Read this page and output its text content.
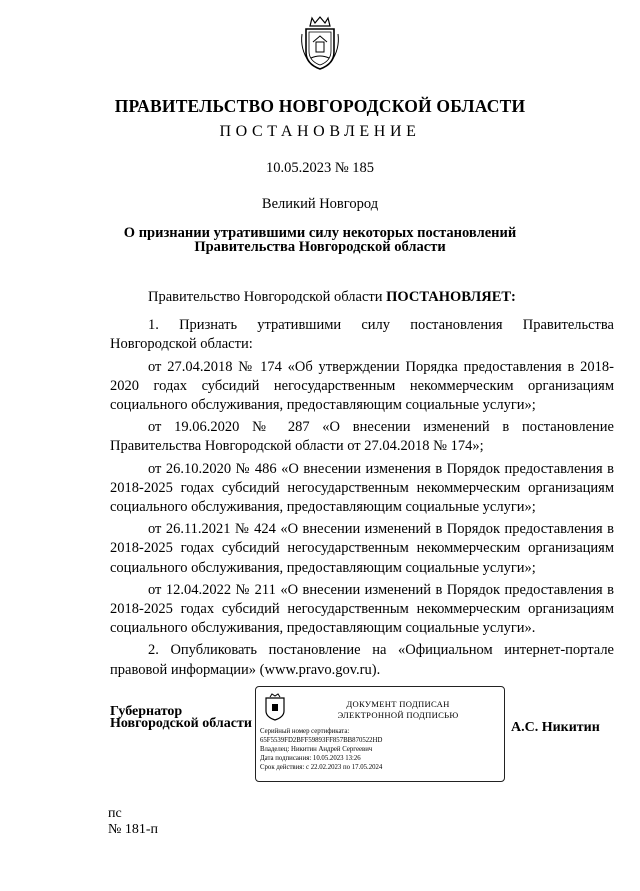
ПРАВИТЕЛЬСТВО НОВГОРОДСКОЙ ОБЛАСТИ
ПОСТАНОВЛЕНИЕ
10.05.2023 № 185
Великий Новгород
О признании утратившими силу некоторых постановлений
Правительства Новгородской области

Правительство Новгородской области ПОСТАНОВЛЯЕТ:

1. Признать утратившими силу постановления Правительства Новгородской области:

от 27.04.2018 № 174 «Об утверждении Порядка предоставления в 2018-2020 годах субсидий негосударственным некоммерческим организациям социального обслуживания, предоставляющим социальные услуги»;

от 19.06.2020 № 287 «О внесении изменений в постановление Правительства Новгородской области от 27.04.2018 № 174»;

от 26.10.2020 № 486 «О внесении изменения в Порядок предоставления в 2018-2025 годах субсидий негосударственным некоммерческим организациям социального обслуживания, предоставляющим социальные услуги»;

от 26.11.2021 № 424 «О внесении изменений в Порядок предоставления в 2018-2025 годах субсидий негосударственным некоммерческим организациям социального обслуживания, предоставляющим социальные услуги»;

от 12.04.2022 № 211 «О внесении изменений в Порядок предоставления в 2018-2025 годах субсидий негосударственным некоммерческим организациям социального обслуживания, предоставляющим социальные услуги».

2. Опубликовать постановление на «Официальном интернет-портале правовой информации» (www.pravo.gov.ru).

Губернатор
Новгородской области
ДОКУМЕНТ ПОДПИСАН
ЭЛЕКТРОННОЙ ПОДПИСЬЮ
Серийный номер сертификата:
65F5539FD2BFF59893FF857BB870522HD
Владелец: Никитин Андрей Сергеевич
Дата подписания: 10.05.2023 13:26
Срок действия: с 22.02.2023 по 17.05.2024
А.С. Никитин
пс
№ 181-п
